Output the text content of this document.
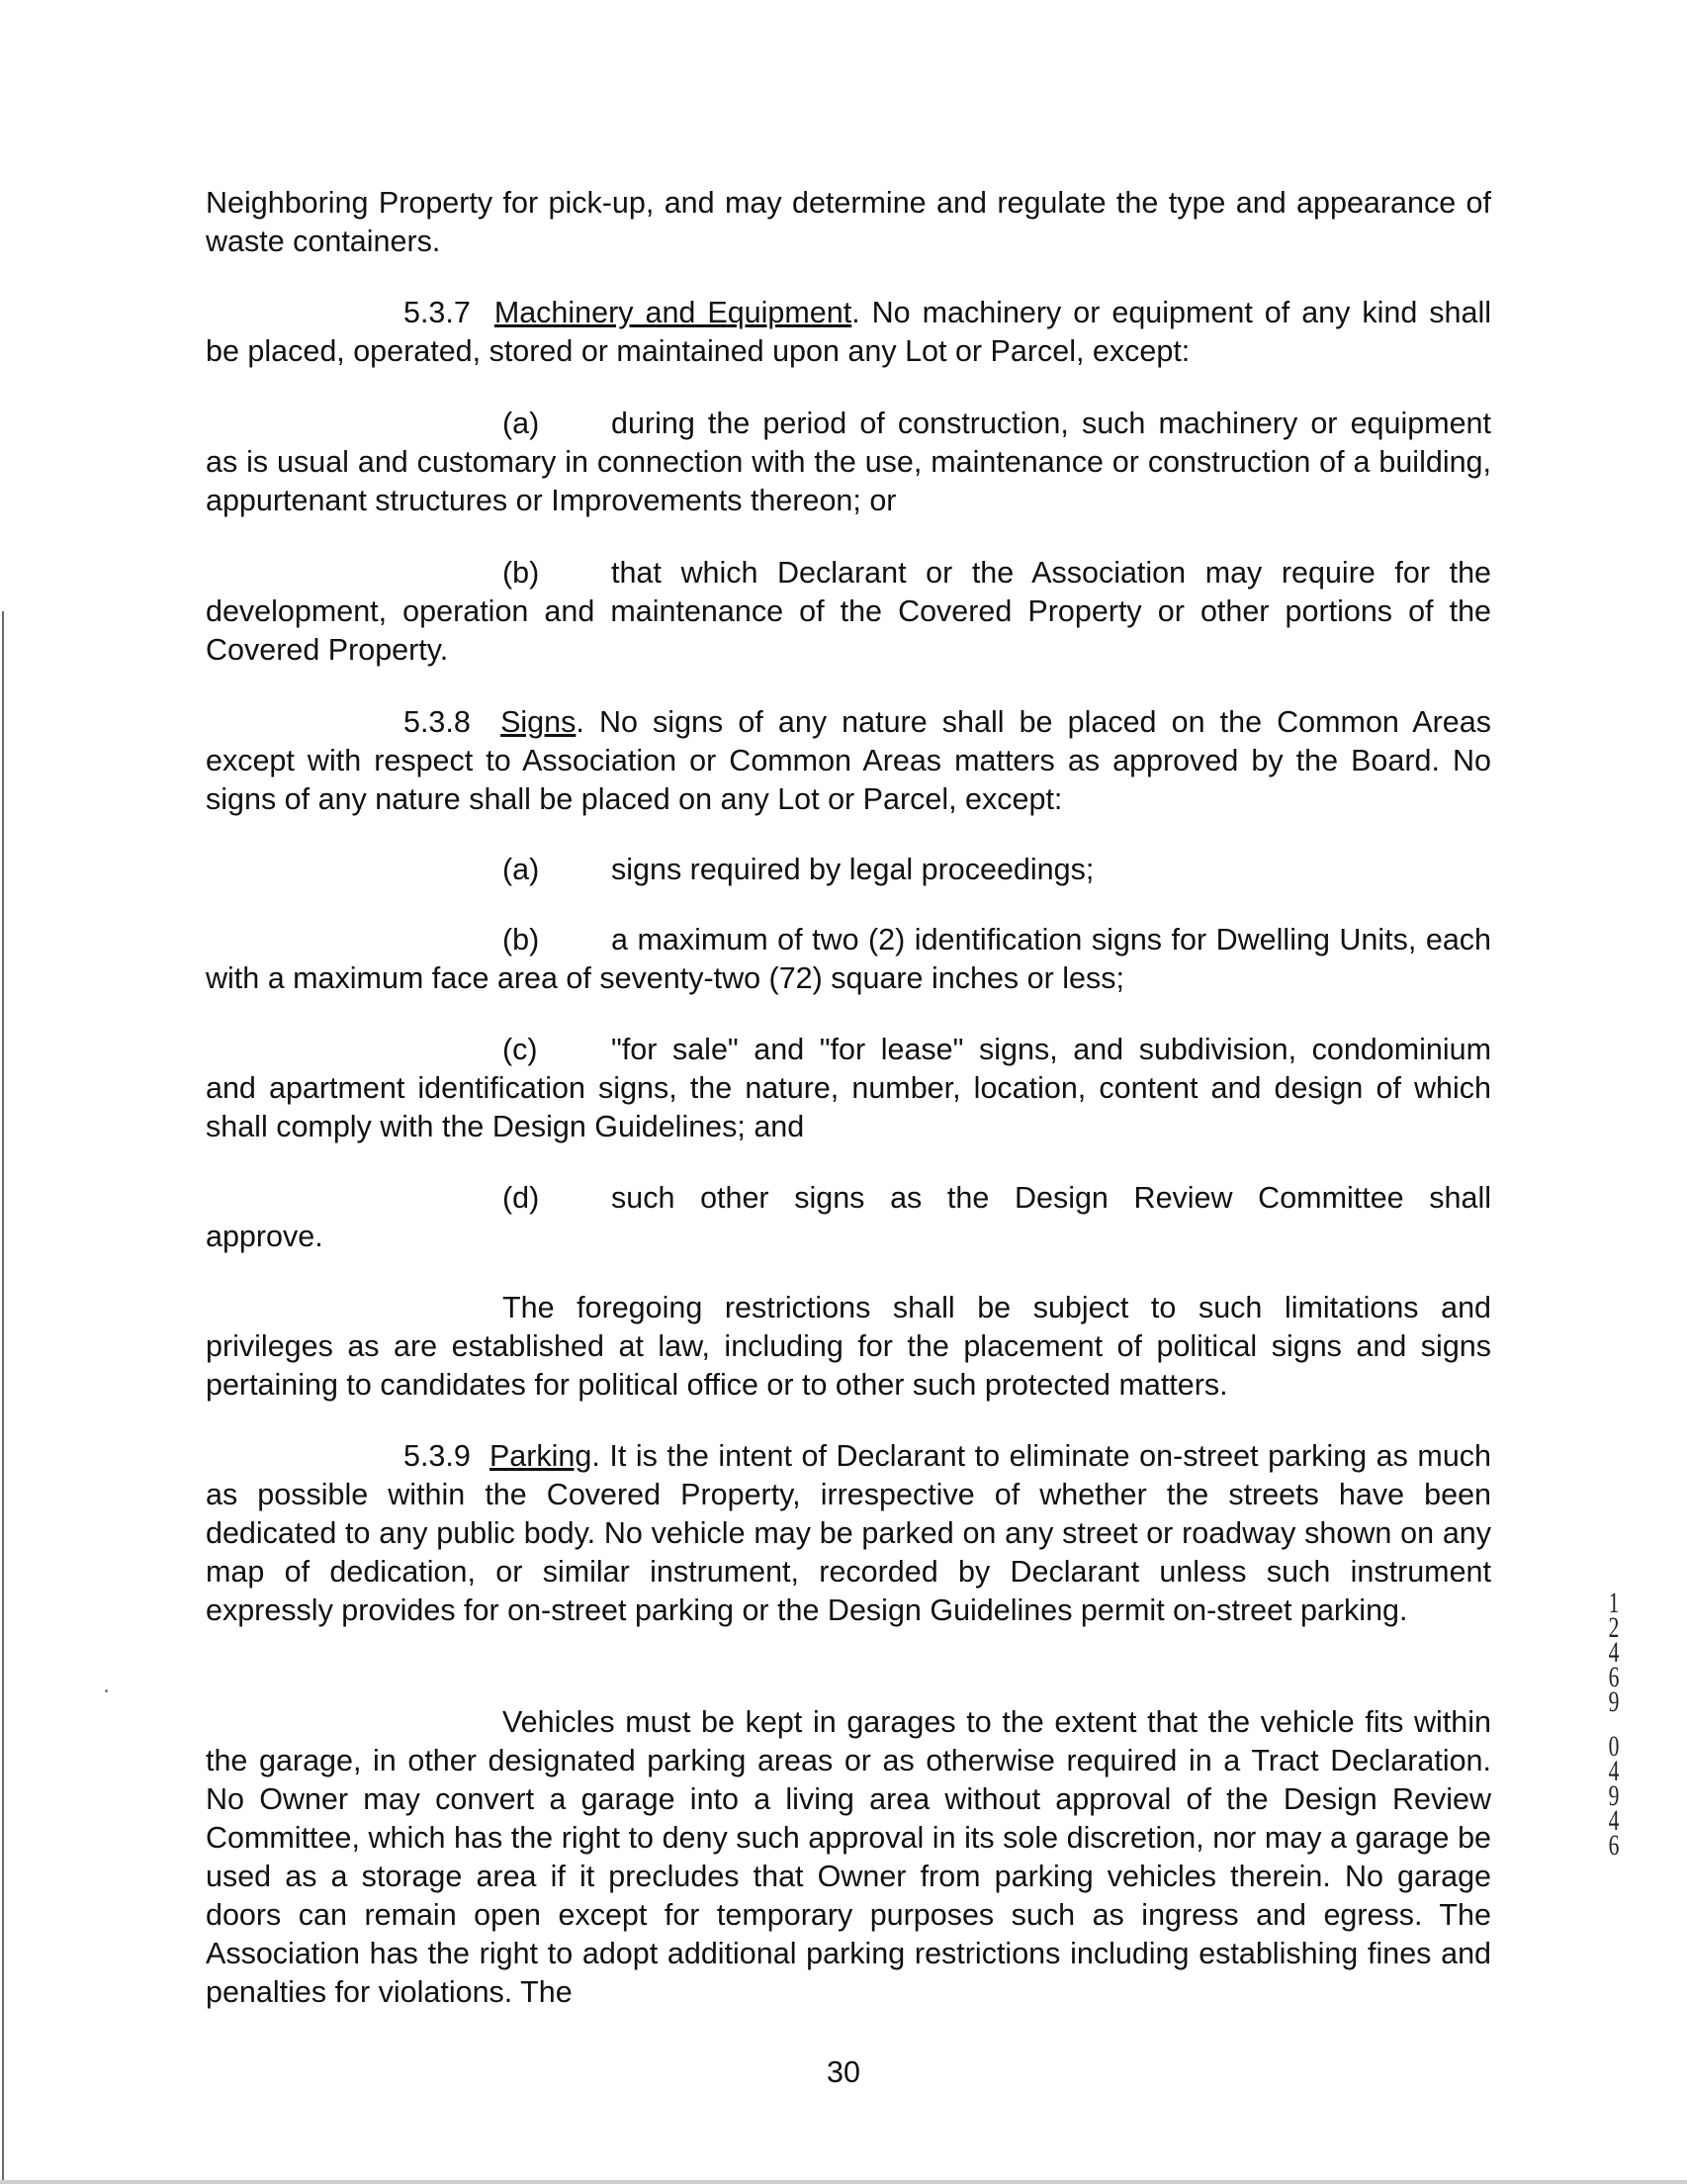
Neighboring Property for pick-up, and may determine and regulate the type and appearance of waste containers.

5.3.7 Machinery and Equipment. No machinery or equipment of any kind shall be placed, operated, stored or maintained upon any Lot or Parcel, except:

(a) during the period of construction, such machinery or equipment as is usual and customary in connection with the use, maintenance or construction of a building, appurtenant structures or Improvements thereon; or

(b) that which Declarant or the Association may require for the development, operation and maintenance of the Covered Property or other portions of the Covered Property.

5.3.8 Signs. No signs of any nature shall be placed on the Common Areas except with respect to Association or Common Areas matters as approved by the Board. No signs of any nature shall be placed on any Lot or Parcel, except:

(a) signs required by legal proceedings;

(b) a maximum of two (2) identification signs for Dwelling Units, each with a maximum face area of seventy-two (72) square inches or less;

(c) "for sale" and "for lease" signs, and subdivision, condominium and apartment identification signs, the nature, number, location, content and design of which shall comply with the Design Guidelines; and

(d) such other signs as the Design Review Committee shall

approve.

The foregoing restrictions shall be subject to such limitations and privileges as are established at law, including for the placement of political signs and signs pertaining to candidates for political office or to other such protected matters.

5.3.9 Parking. It is the intent of Declarant to eliminate on-street parking as much as possible within the Covered Property, irrespective of whether the streets have been dedicated to any public body. No vehicle may be parked on any street or roadway shown on any map of dedication, or similar instrument, recorded by Declarant unless such instrument expressly provides for on-street parking or the Design Guidelines permit on-street parking.

Vehicles must be kept in garages to the extent that the vehicle fits within the garage, in other designated parking areas or as otherwise required in a Tract Declaration. No Owner may convert a garage into a living area without approval of the Design Review Committee, which has the right to deny such approval in its sole discretion, nor may a garage be used as a storage area if it precludes that Owner from parking vehicles therein. No garage doors can remain open except for temporary purposes such as ingress and egress. The Association has the right to adopt additional parking restrictions including establishing fines and penalties for violations. The

30
1
2
4
6
9
0
4
9
4
6
